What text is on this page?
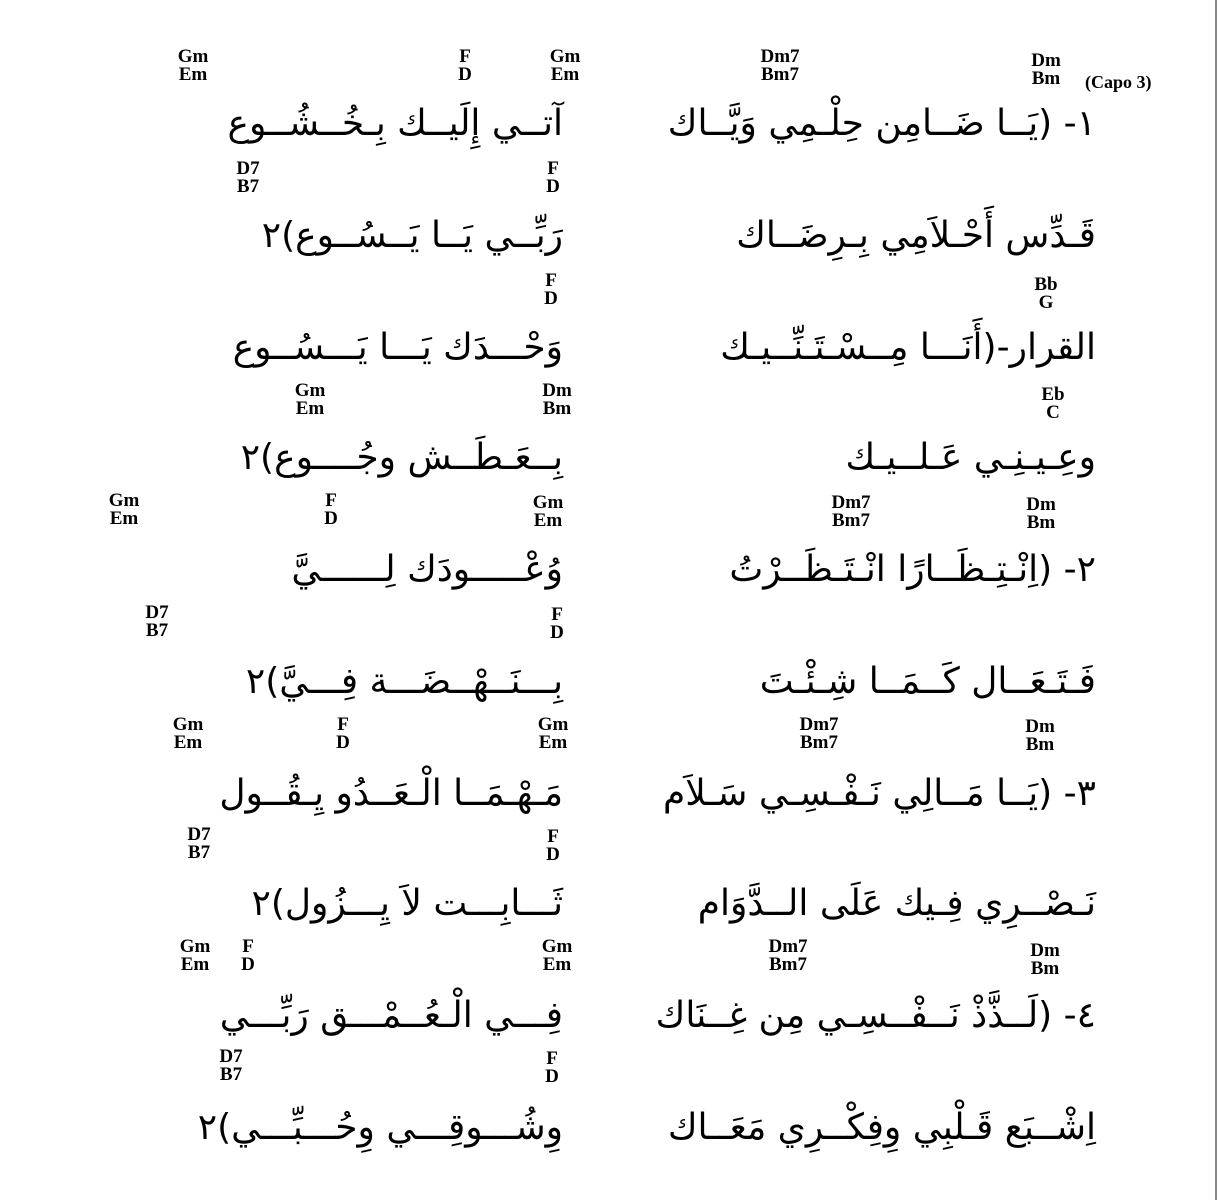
(Capo 3)
Gm
Em
F
D
Gm
Em
Dm7
Bm7
Dm
Bm
D7
B7
F
D
F
D
Bb
G
Gm
Em
Dm
Bm
Eb
C
Gm
Em
F
D
Gm
Em
Dm7
Bm7
Dm
Bm
D7
B7
F
D
Gm
Em
F
D
Gm
Em
Dm7
Bm7
Dm
Bm
D7
B7
F
D
Gm
Em
F
D
Gm
Em
Dm7
Bm7
Dm
Bm
D7
B7
F
D
١- (يَــا ضَــامِن حِلْـمِي وَيَّــاك
آتــي إِلَيــك بِـخُــشُــوع
قَـدِّس أَحْـلاَمِي بِـرِضَــاك
رَبِّــي يَــا يَــسُــوع)٢
القرار-(أَنَـــا مِــسْـتَـنِّــيـك
وَحْـــدَك يَـــا يَـــسُــوع
وعِـيـنِـي عَـلــيـك
بِــعَـطَــش وجُــــوع)٢
٢- (اِنْـتِـظَــارًا انْـتَـظَــرْتُ
وُعْـــــودَك لِــــــيَّ
فَـتَـعَــال كَــمَــا شِـئْـتَ
بِـــنَــهْــضَـــة فِـــيَّ)٢
٣- (يَــا مَــالِي نَـفْـسِـي سَـلاَم
مَـهْـمَــا الْـعَــدُو يِـقُــول
نَـصْــرِي فِـيك عَلَى الــدَّوَام
ثَـــابِـــت لاَ يِـــزُول)٢
٤- (لَــذَّذْ نَــفْــسِـي مِن غِــنَاك
فِـــي الْـعُــمْـــق رَبِّـــي
اِشْــبَع قَـلْبِي وِفِكْــرِي مَعَــاك
وِشُـــوقِـــي وِحُـــبِّـــي)٢
